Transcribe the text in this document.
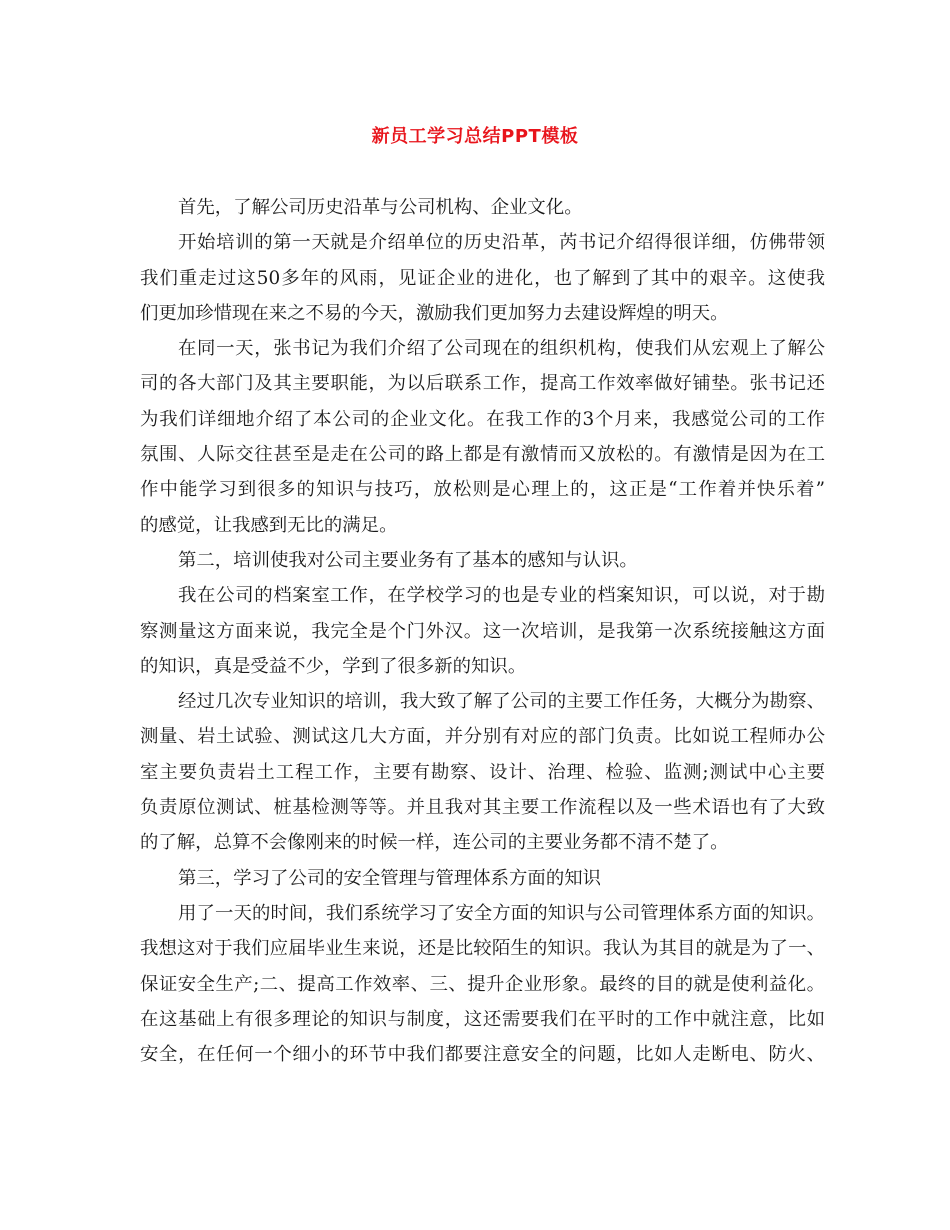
新员工学习总结PPT模板
首先，了解公司历史沿革与公司机构、企业文化。
开始培训的第一天就是介绍单位的历史沿革，芮书记介绍得很详细，仿佛带领
我们重走过这50多年的风雨，见证企业的进化，也了解到了其中的艰辛。这使我
们更加珍惜现在来之不易的今天，激励我们更加努力去建设辉煌的明天。
在同一天，张书记为我们介绍了公司现在的组织机构，使我们从宏观上了解公
司的各大部门及其主要职能，为以后联系工作，提高工作效率做好铺垫。张书记还
为我们详细地介绍了本公司的企业文化。在我工作的3个月来，我感觉公司的工作
氛围、人际交往甚至是走在公司的路上都是有激情而又放松的。有激情是因为在工
作中能学习到很多的知识与技巧，放松则是心理上的，这正是“工作着并快乐着”
的感觉，让我感到无比的满足。
第二，培训使我对公司主要业务有了基本的感知与认识。
我在公司的档案室工作，在学校学习的也是专业的档案知识，可以说，对于勘
察测量这方面来说，我完全是个门外汉。这一次培训，是我第一次系统接触这方面
的知识，真是受益不少，学到了很多新的知识。
经过几次专业知识的培训，我大致了解了公司的主要工作任务，大概分为勘察、
测量、岩土试验、测试这几大方面，并分别有对应的部门负责。比如说工程师办公
室主要负责岩土工程工作，主要有勘察、设计、治理、检验、监测;测试中心主要
负责原位测试、桩基检测等等。并且我对其主要工作流程以及一些术语也有了大致
的了解，总算不会像刚来的时候一样，连公司的主要业务都不清不楚了。
第三，学习了公司的安全管理与管理体系方面的知识
用了一天的时间，我们系统学习了安全方面的知识与公司管理体系方面的知识。
我想这对于我们应届毕业生来说，还是比较陌生的知识。我认为其目的就是为了一、
保证安全生产;二、提高工作效率、三、提升企业形象。最终的目的就是使利益化。
在这基础上有很多理论的知识与制度，这还需要我们在平时的工作中就注意，比如
安全，在任何一个细小的环节中我们都要注意安全的问题，比如人走断电、防火、
